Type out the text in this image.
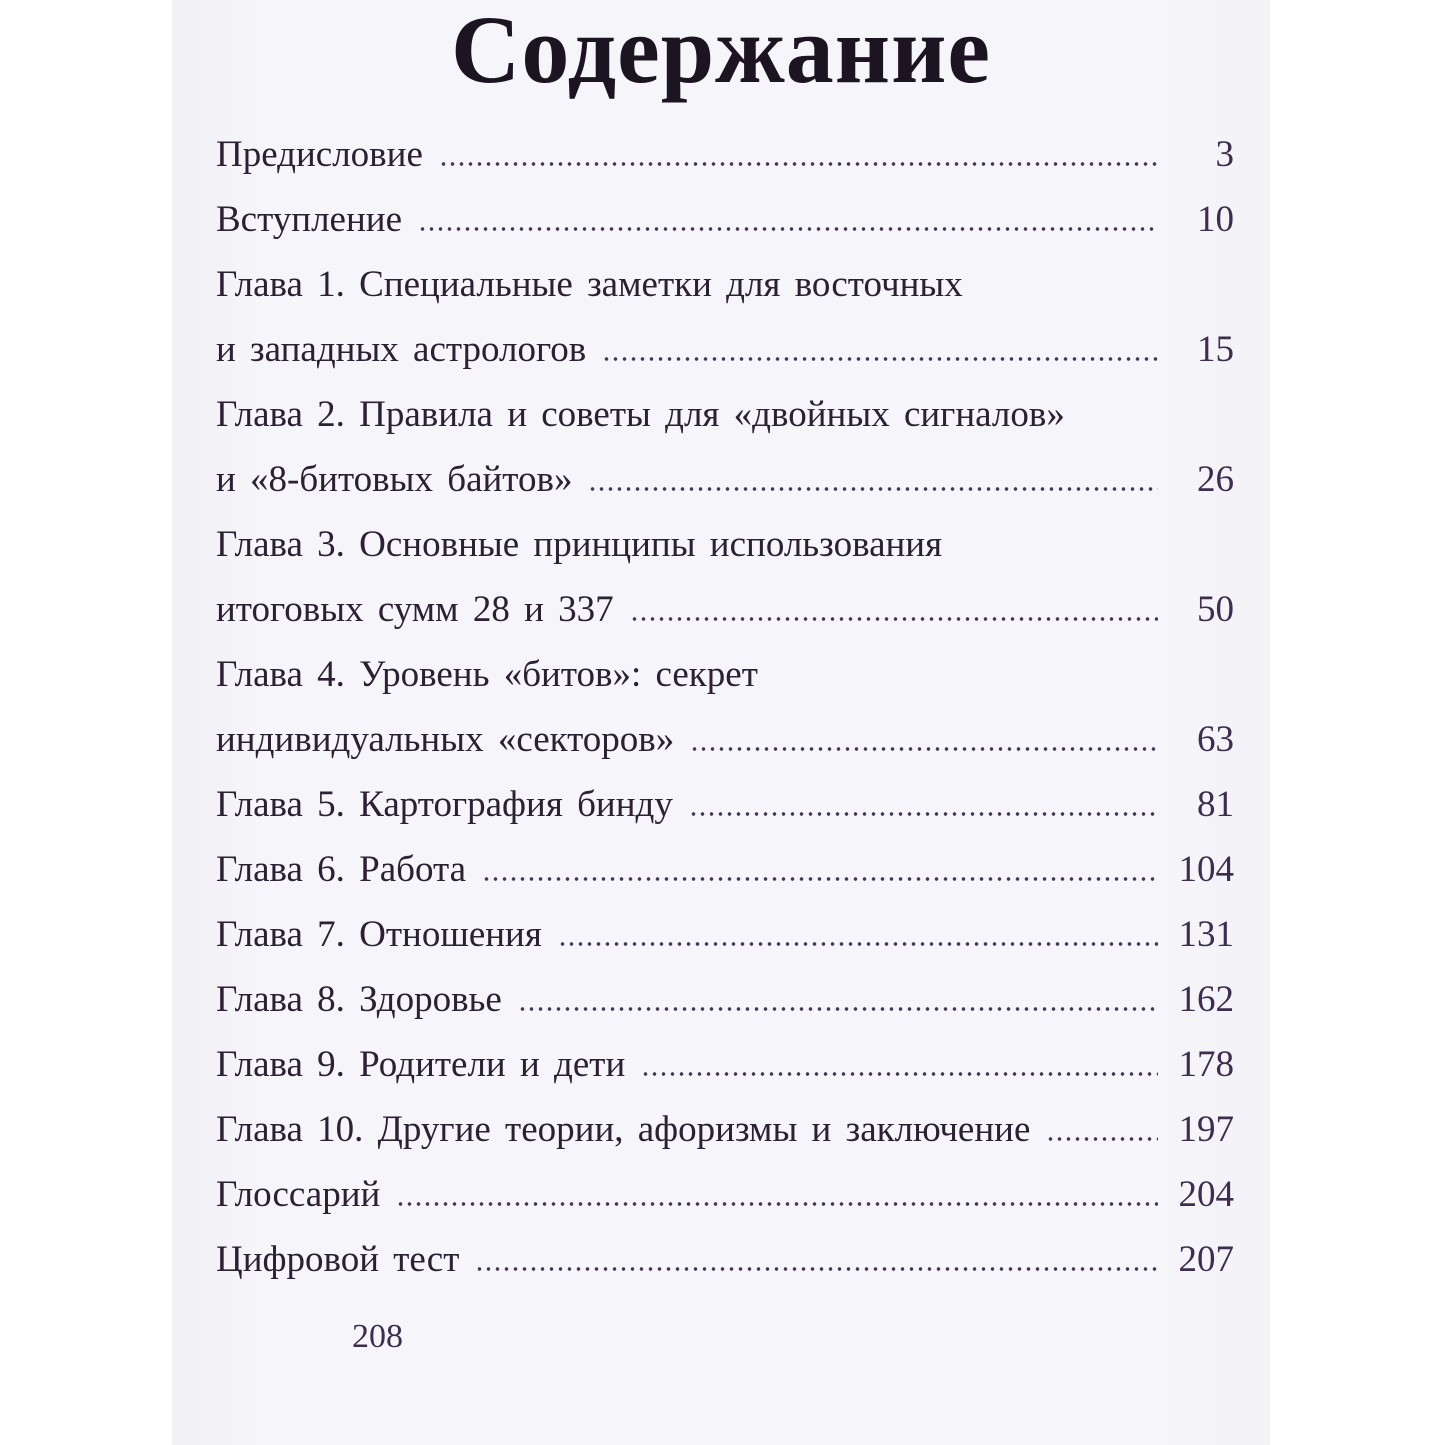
Содержание
Предисловие	3
Вступление	10
Глава 1. Специальные заметки для восточных
и западных астрологов	15
Глава 2. Правила и советы для «двойных сигналов»
и «8-битовых байтов»	26
Глава 3. Основные принципы использования
итоговых сумм 28 и 337	50
Глава 4. Уровень «битов»: секрет
индивидуальных «секторов»	63
Глава 5. Картография бинду	81
Глава 6. Работа	104
Глава 7. Отношения	131
Глава 8. Здоровье	162
Глава 9. Родители и дети	178
Глава 10. Другие теории, афоризмы и заключение	197
Глоссарий	204
Цифровой тест	207
208
